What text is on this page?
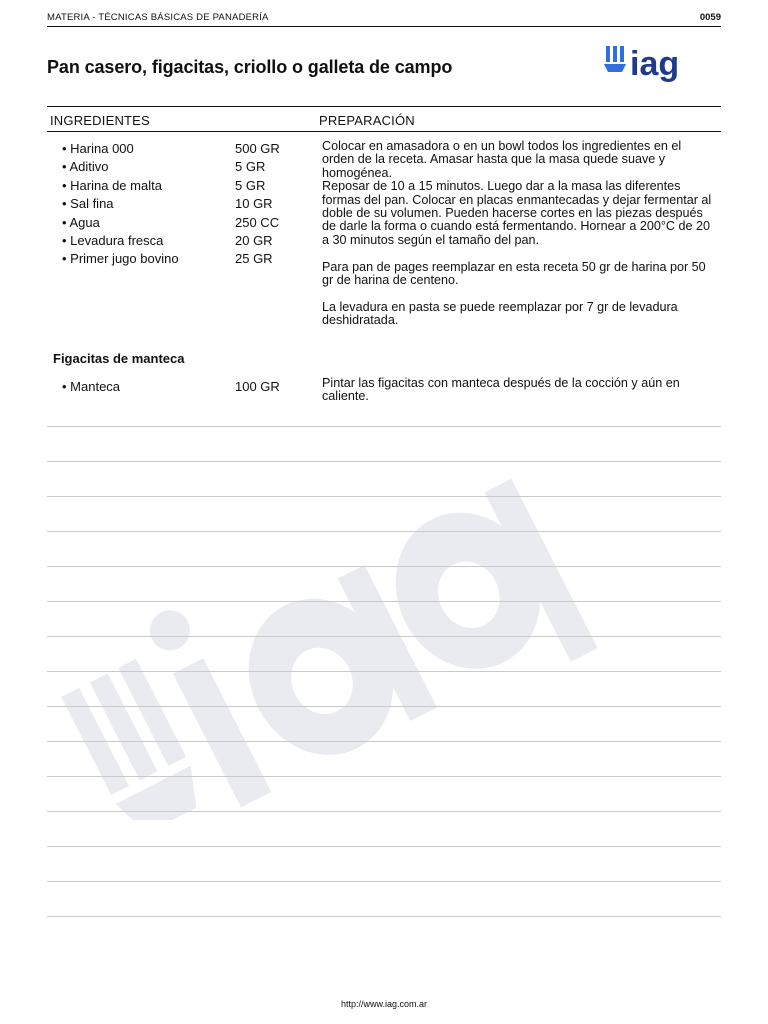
MATERIA - TÉCNICAS BÁSICAS DE PANADERÍA	0059
Pan casero, figacitas, criollo o galleta de campo	iag
INGREDIENTES	PREPARACIÓN
• Harina 000	500 GR
• Aditivo	5 GR
• Harina de malta	5 GR
• Sal fina	10 GR
• Agua	250 CC
• Levadura fresca	20 GR
• Primer jugo bovino	25 GR

Colocar en amasadora o en un bowl todos los ingredientes en el orden de la receta. Amasar hasta que la masa quede suave y homogénea.
Reposar de 10 a 15 minutos. Luego dar a la masa las diferentes formas del pan. Colocar en placas enmantecadas y dejar fermentar al doble de su volumen. Pueden hacerse cortes en las piezas después de darle la forma o cuando está fermentando. Hornear a 200°C de 20 a 30 minutos según el tamaño del pan.

Para pan de pages reemplazar en esta receta 50 gr de harina por 50 gr de harina de centeno.

La levadura en pasta se puede reemplazar por 7 gr de levadura deshidratada.

Figacitas de manteca
• Manteca	100 GR	Pintar las figacitas con manteca después de la cocción y aún en caliente.
http://www.iag.com.ar
